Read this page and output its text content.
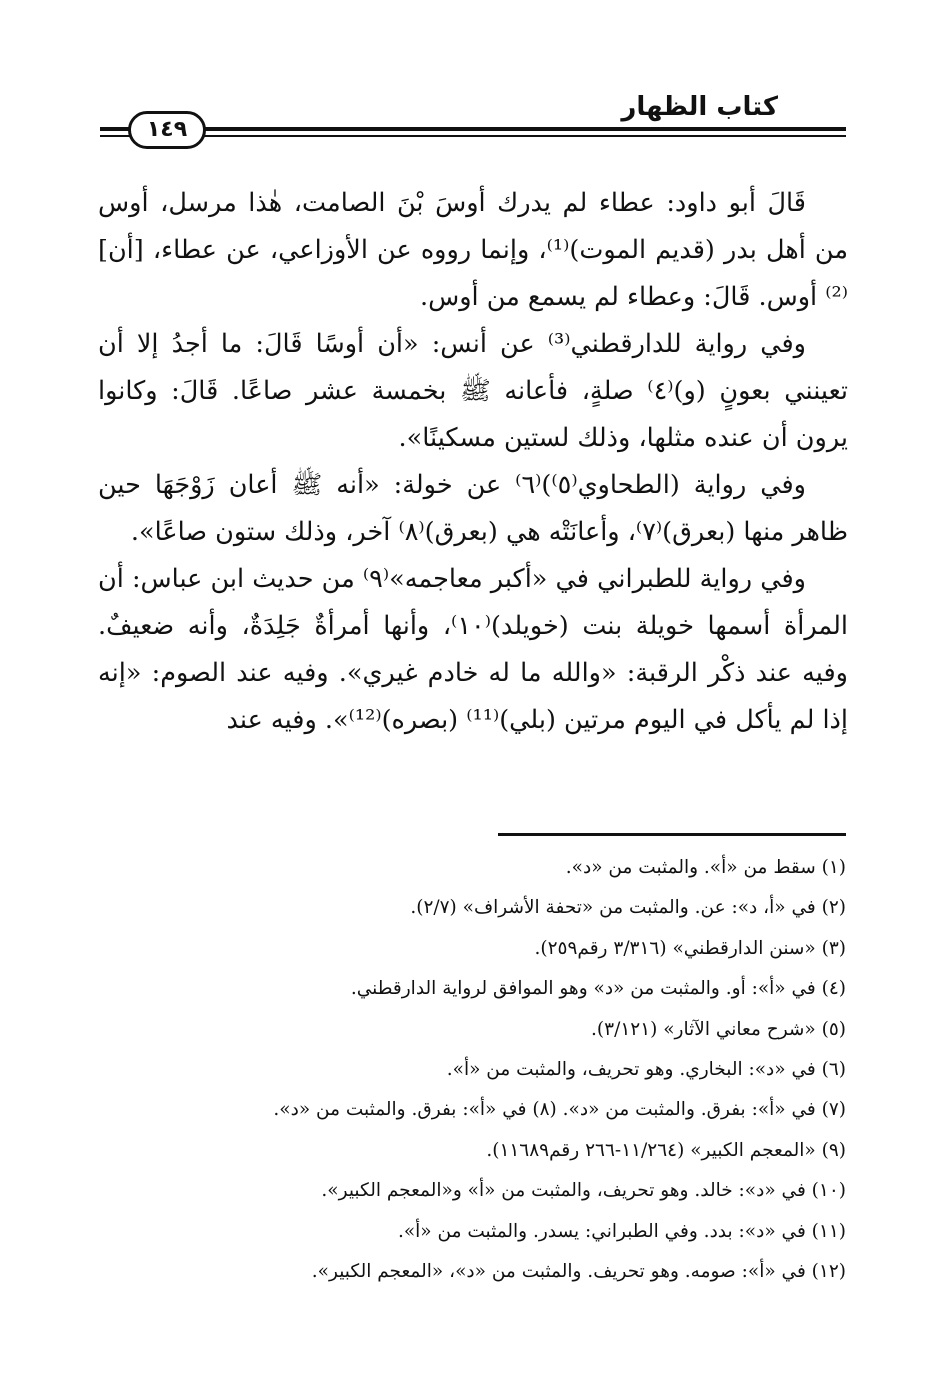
كتاب الظهار
١٤٩

قَالَ أبو داود: عطاء لم يدرك أوسَ بْنَ الصامت، هٰذا مرسل، أوس من أهل بدر (قديم الموت)⁽¹⁾، وإنما رووه عن الأوزاعي، عن عطاء، [أن]⁽²⁾ أوس. قَالَ: وعطاء لم يسمع من أوس.

وفي رواية للدارقطني⁽³⁾ عن أنس: «أن أوسًا قَالَ: ما أجدُ إلا أن تعينني بعونٍ (و)⁽٤⁾ صلةٍ، فأعانه ﷺ بخمسة عشر صاعًا. قَالَ: وكانوا يرون أن عنده مثلها، وذلك لستين مسكينًا».

وفي رواية (الطحاوي⁽٥⁾)⁽٦⁾ عن خولة: «أنه ﷺ أعان زَوْجَهَا حين ظاهر منها (بعرق)⁽٧⁾، وأعانَتْه هي (بعرق)⁽٨⁾ آخر، وذلك ستون صاعًا».

وفي رواية للطبراني في «أكبر معاجمه»⁽٩⁾ من حديث ابن عباس: أن المرأة أسمها خويلة بنت (خويلد)⁽١٠⁾، وأنها أمرأةٌ جَلِدَةٌ، وأنه ضعيفٌ. وفيه عند ذكْر الرقبة: «والله ما له خادم غيري». وفيه عند الصوم: «إنه إذا لم يأكل في اليوم مرتين (بلي)⁽¹¹⁾ (بصره)⁽¹²⁾». وفيه عند

(١) سقط من «أ». والمثبت من «د».
(٢) في «أ، د»: عن. والمثبت من «تحفة الأشراف» (٢/٧).
(٣) «سنن الدارقطني» (٣/٣١٦ رقم٢٥٩).
(٤) في «أ»: أو. والمثبت من «د» وهو الموافق لرواية الدارقطني.
(٥) «شرح معاني الآثار» (٣/١٢١).
(٦) في «د»: البخاري. وهو تحريف، والمثبت من «أ».
(٧) في «أ»: بفرق. والمثبت من «د». (٨) في «أ»: بفرق. والمثبت من «د».
(٩) «المعجم الكبير» (١١/٢٦٤-٢٦٦ رقم١١٦٨٩).
(١٠) في «د»: خالد. وهو تحريف، والمثبت من «أ» و«المعجم الكبير».
(١١) في «د»: بدد. وفي الطبراني: يسدر. والمثبت من «أ».
(١٢) في «أ»: صومه. وهو تحريف. والمثبت من «د»، «المعجم الكبير».
